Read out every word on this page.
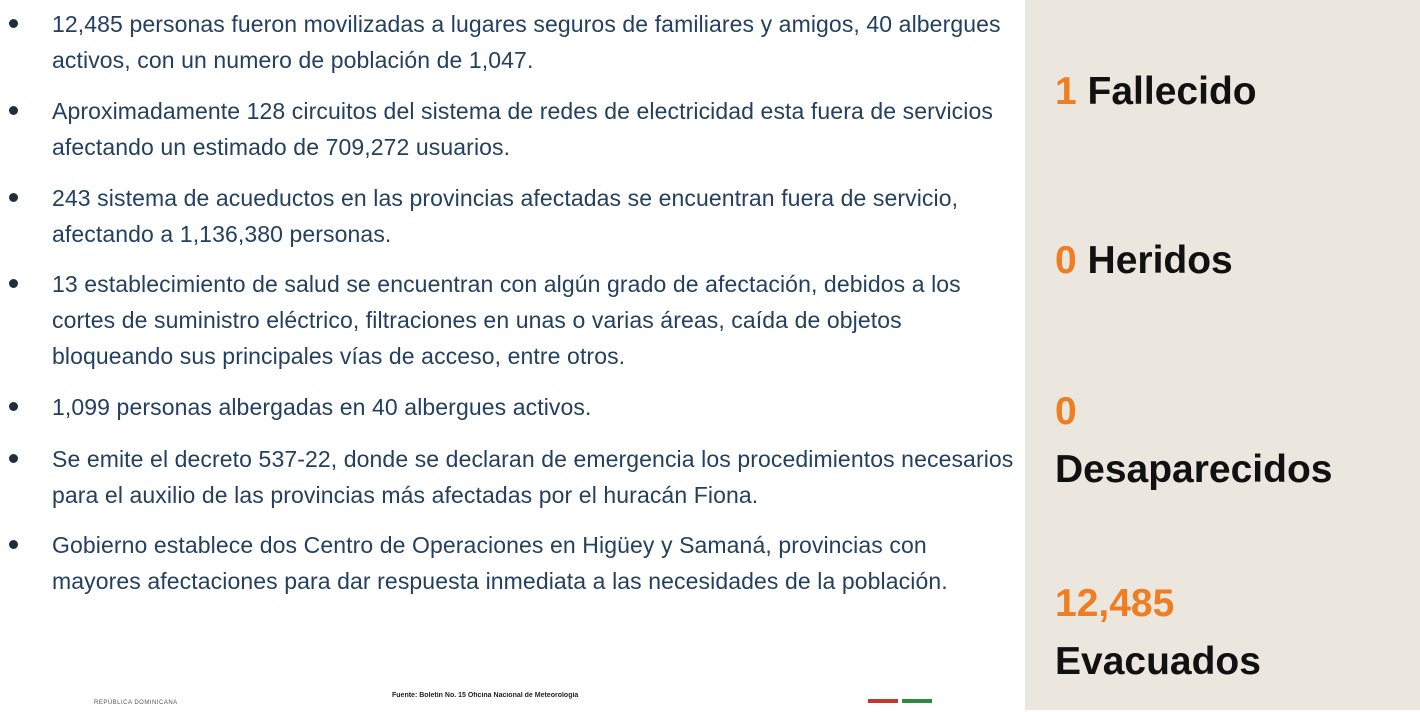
12,485 personas fueron movilizadas a lugares seguros de familiares y amigos, 40 albergues activos, con un numero de población de 1,047.
Aproximadamente 128 circuitos del sistema de redes de electricidad esta fuera de servicios afectando un estimado de 709,272 usuarios.
243 sistema de acueductos en las provincias afectadas se encuentran fuera de servicio, afectando a 1,136,380 personas.
13 establecimiento de salud se encuentran con algún grado de afectación, debidos a los cortes de suministro eléctrico, filtraciones en unas o varias áreas, caída de objetos bloqueando sus principales vías de acceso, entre otros.
1,099 personas albergadas en 40 albergues activos.
Se emite el decreto 537-22, donde se declaran de emergencia los procedimientos necesarios para el auxilio de las provincias más afectadas por el huracán Fiona.
Gobierno establece dos Centro de Operaciones en Higüey y Samaná, provincias con mayores afectaciones para dar respuesta inmediata a las necesidades de la población.
REPÚBLICA DOMINICANA
Fuente: Boletín No. 15 Oficina Nacional de Meteorología
1 Fallecido
0 Heridos
0
Desaparecidos
12,485
Evacuados
